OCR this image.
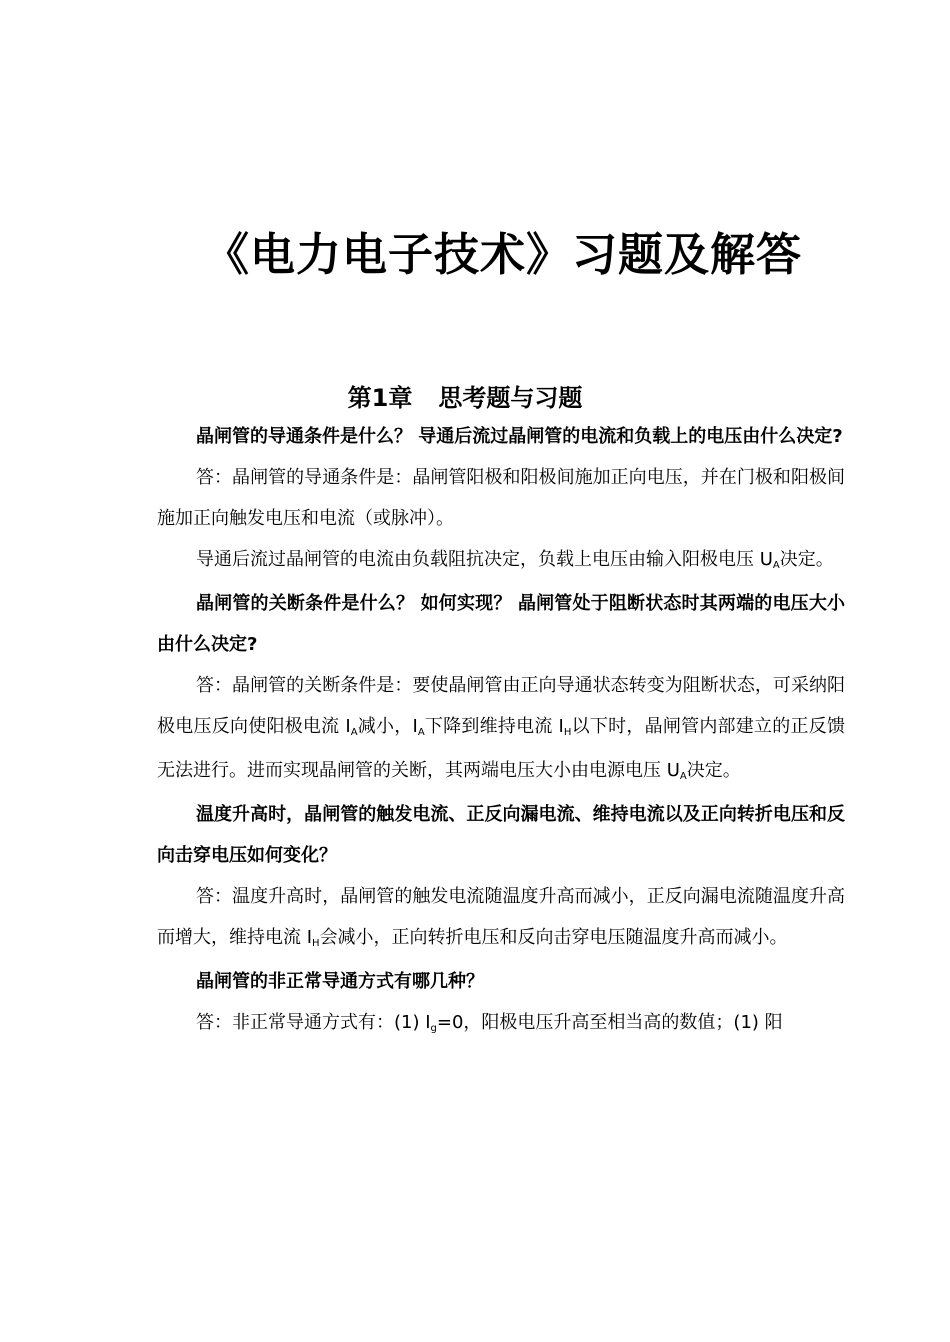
《电力电子技术》习题及解答
第1章 思考题与习题

晶闸管的导通条件是什么？ 导通后流过晶闸管的电流和负载上的电压由什么决定?

答：晶闸管的导通条件是：晶闸管阳极和阳极间施加正向电压，并在门极和阳极间施加正向触发电压和电流（或脉冲）。

导通后流过晶闸管的电流由负载阻抗决定，负载上电压由输入阳极电压 $U_A$决定。

晶闸管的关断条件是什么？ 如何实现？ 晶闸管处于阻断状态时其两端的电压大小由什么决定?

答：晶闸管的关断条件是：要使晶闸管由正向导通状态转变为阻断状态，可采纳阳极电压反向使阳极电流 $I_A$减小，$I_A$下降到维持电流 $I_H$以下时，晶闸管内部建立的正反馈无法进行。进而实现晶闸管的关断，其两端电压大小由电源电压 $U_A$决定。

温度升高时，晶闸管的触发电流、正反向漏电流、维持电流以及正向转折电压和反向击穿电压如何变化？

答：温度升高时，晶闸管的触发电流随温度升高而减小，正反向漏电流随温度升高而增大，维持电流 $I_H$会减小，正向转折电压和反向击穿电压随温度升高而减小。

晶闸管的非正常导通方式有哪几种？

答：非正常导通方式有：(1) $I_g=0$，阳极电压升高至相当高的数值；(1) 阳
